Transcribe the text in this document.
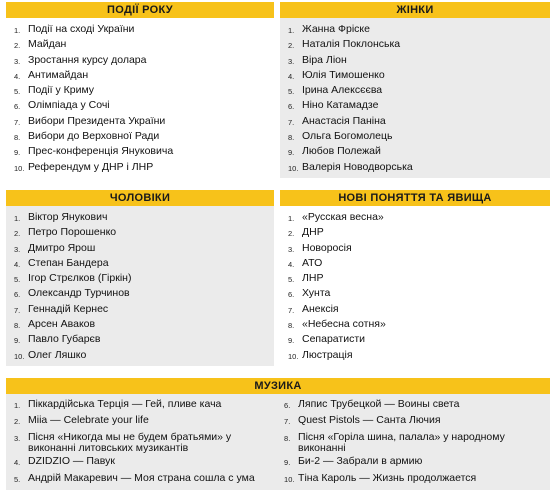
ПОДІЇ РОКУ
1. Події на сході України
2. Майдан
3. Зростання курсу долара
4. Антимайдан
5. Події у Криму
6. Олімпіада у Сочі
7. Вибори Президента України
8. Вибори до Верховної Ради
9. Прес-конференція Януковича
10. Референдум у ДНР і ЛНР
ЖІНКИ
1. Жанна Фріске
2. Наталія Поклонська
3. Віра Ліон
4. Юлія Тимошенко
5. Ірина Алексєєва
6. Ніно Катамадзе
7. Анастасія Паніна
8. Ольга Богомолець
9. Любов Полежай
10. Валерія Новодворська
ЧОЛОВІКИ
1. Віктор Янукович
2. Петро Порошенко
3. Дмитро Ярош
4. Степан Бандера
5. Ігор Стрєлков (Гіркін)
6. Олександр Турчинов
7. Геннадій Кернес
8. Арсен Аваков
9. Павло Губарєв
10. Олег Ляшко
НОВІ ПОНЯТТЯ ТА ЯВИЩА
1. «Русская весна»
2. ДНР
3. Новоросія
4. АТО
5. ЛНР
6. Хунта
7. Анексія
8. «Небесна сотня»
9. Сепаратисти
10. Люстрація
МУЗИКА
1. Піккардійська Терція — Гей, пливе кача
2. Miia — Celebrate your life
3. Пісня «Никогда мы не будем братьями» у виконанні литовських музикантів
4. DZIDZIO — Павук
5. Андрій Макаревич — Моя страна сошла с ума
6. Ляпис Трубецкой — Воины света
7. Quest Pistols — Санта Лючия
8. Пісня «Горіла шина, палала» у народному виконанні
9. Би-2 — Забрали в армию
10. Тіна Кароль — Жизнь продолжается
